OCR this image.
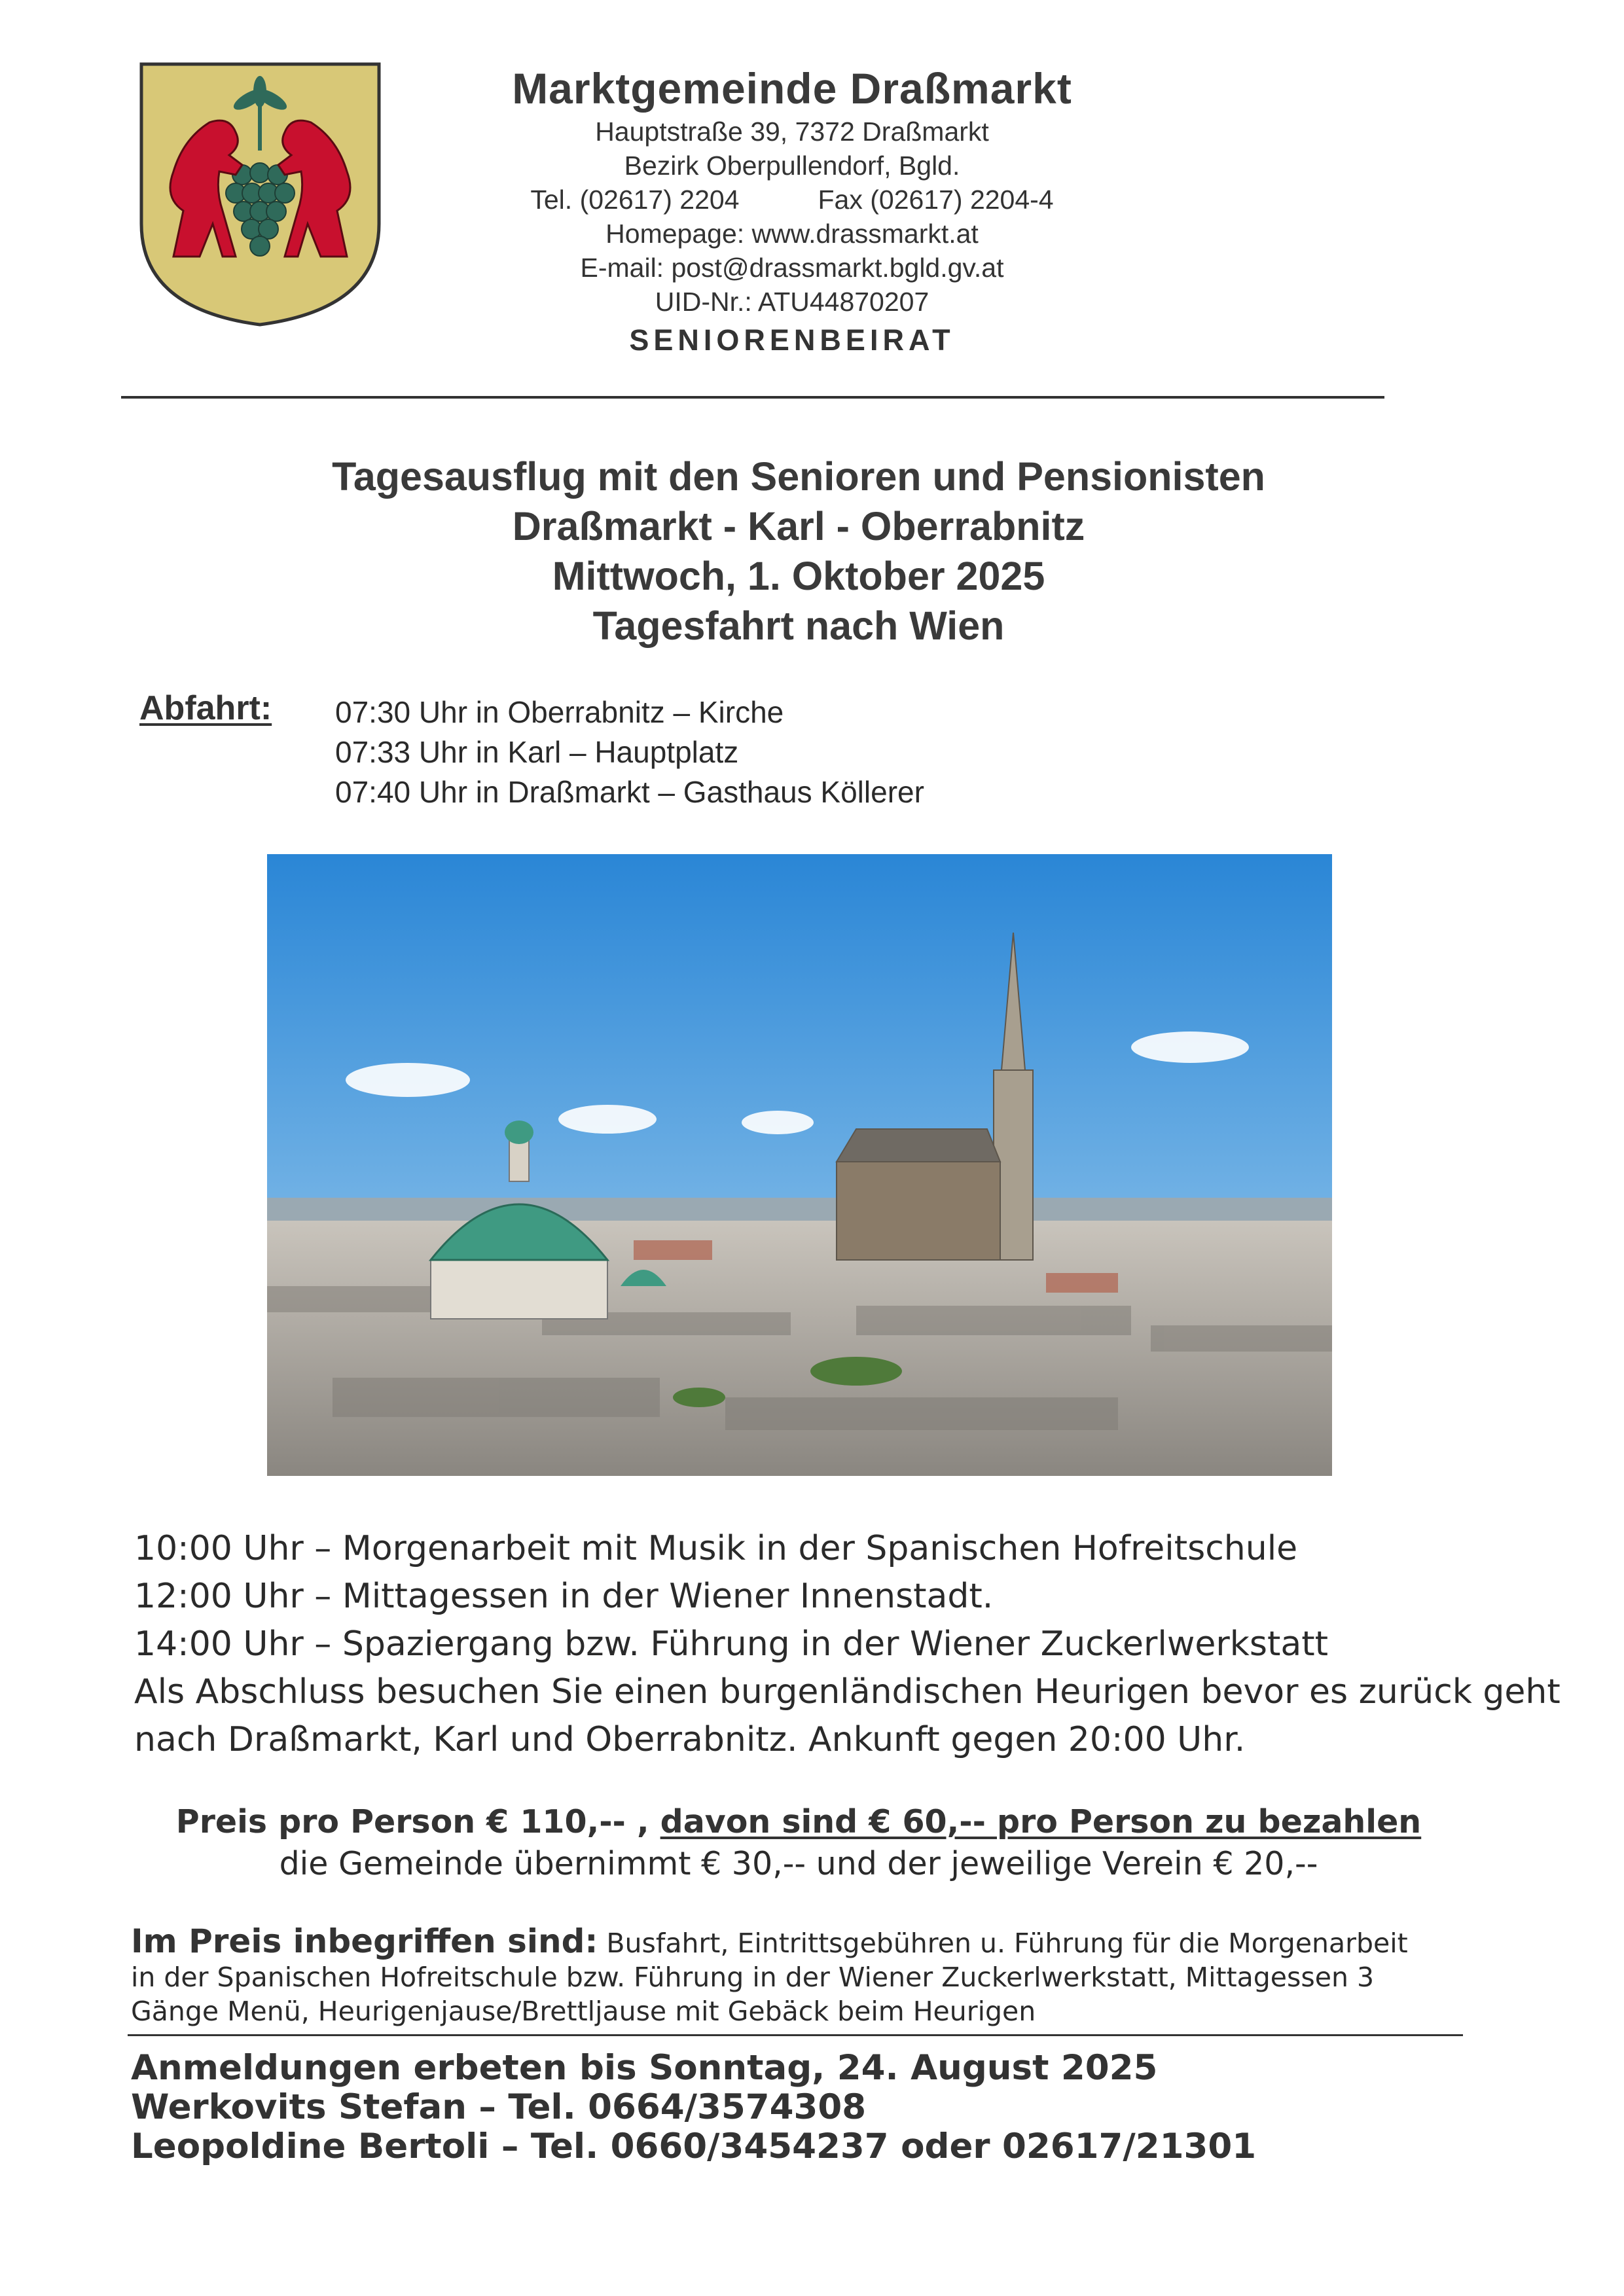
Marktgemeinde Draßmarkt
Hauptstraße 39, 7372 Draßmarkt
Bezirk Oberpullendorf, Bgld.
Tel. (02617) 2204	Fax (02617) 2204-4
Homepage: www.drassmarkt.at
E-mail: post@drassmarkt.bgld.gv.at
UID-Nr.: ATU44870207
SENIORENBEIRAT
Tagesausflug mit den Senioren und Pensionisten
Draßmarkt - Karl - Oberrabnitz
Mittwoch, 1. Oktober 2025
Tagesfahrt nach Wien
Abfahrt: 07:30 Uhr in Oberrabnitz – Kirche
07:33 Uhr in Karl – Hauptplatz
07:40 Uhr in Draßmarkt – Gasthaus Köllerer
10:00 Uhr – Morgenarbeit mit Musik in der Spanischen Hofreitschule
12:00 Uhr – Mittagessen in der Wiener Innenstadt.
14:00 Uhr – Spaziergang bzw. Führung in der Wiener Zuckerlwerkstatt
Als Abschluss besuchen Sie einen burgenländischen Heurigen bevor es zurück geht
nach Draßmarkt, Karl und Oberrabnitz. Ankunft gegen 20:00 Uhr.
Preis pro Person € 110,-- , davon sind € 60,-- pro Person zu bezahlen
die Gemeinde übernimmt € 30,-- und der jeweilige Verein € 20,--
Im Preis inbegriffen sind: Busfahrt, Eintrittsgebühren u. Führung für die Morgenarbeit
in der Spanischen Hofreitschule bzw. Führung in der Wiener Zuckerlwerkstatt, Mittagessen 3
Gänge Menü, Heurigenjause/Brettljause mit Gebäck beim Heurigen
Anmeldungen erbeten bis Sonntag, 24. August 2025
Werkovits Stefan – Tel. 0664/3574308
Leopoldine Bertoli – Tel. 0660/3454237 oder 02617/21301
